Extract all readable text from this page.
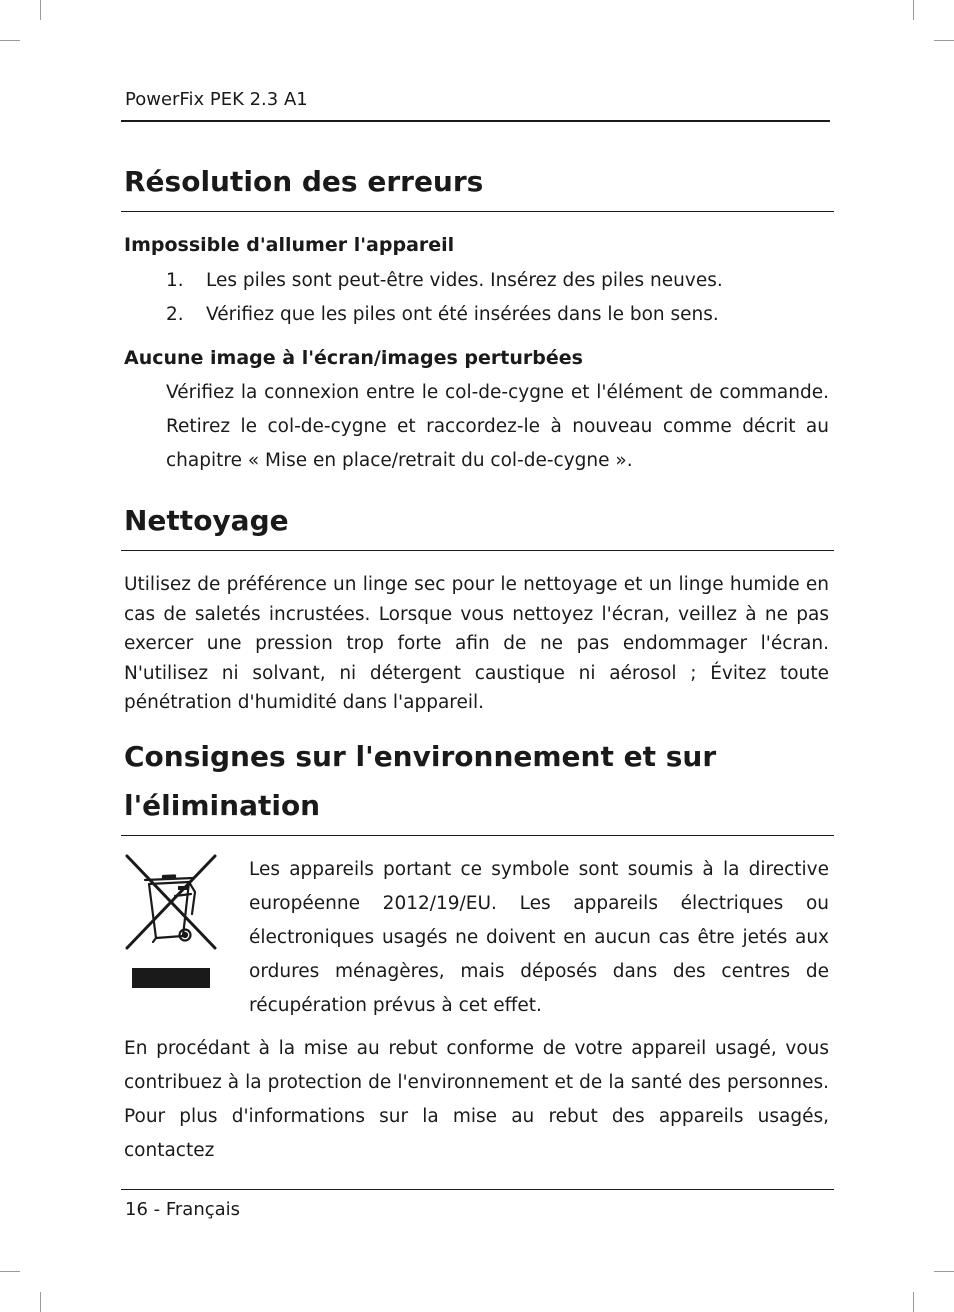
PowerFix PEK 2.3 A1
Résolution des erreurs
Impossible d'allumer l'appareil
1. Les piles sont peut-être vides. Insérez des piles neuves.
2. Vérifiez que les piles ont été insérées dans le bon sens.
Aucune image à l'écran/images perturbées

Vérifiez la connexion entre le col-de-cygne et l'élément de commande. Retirez le col-de-cygne et raccordez-le à nouveau comme décrit au chapitre « Mise en place/retrait du col-de-cygne ».

Nettoyage

Utilisez de préférence un linge sec pour le nettoyage et un linge humide en cas de saletés incrustées. Lorsque vous nettoyez l'écran, veillez à ne pas exercer une pression trop forte afin de ne pas endommager l'écran. N'utilisez ni solvant, ni détergent caustique ni aérosol ; Évitez toute pénétration d'humidité dans l'appareil.

Consignes sur l'environnement et sur
l'élimination

Les appareils portant ce symbole sont soumis à la directive européenne 2012/19/EU. Les appareils électriques ou électroniques usagés ne doivent en aucun cas être jetés aux ordures ménagères, mais déposés dans des centres de récupération prévus à cet effet.

En procédant à la mise au rebut conforme de votre appareil usagé, vous contribuez à la protection de l'environnement et de la santé des personnes. Pour plus d'informations sur la mise au rebut des appareils usagés, contactez

16 - Français
